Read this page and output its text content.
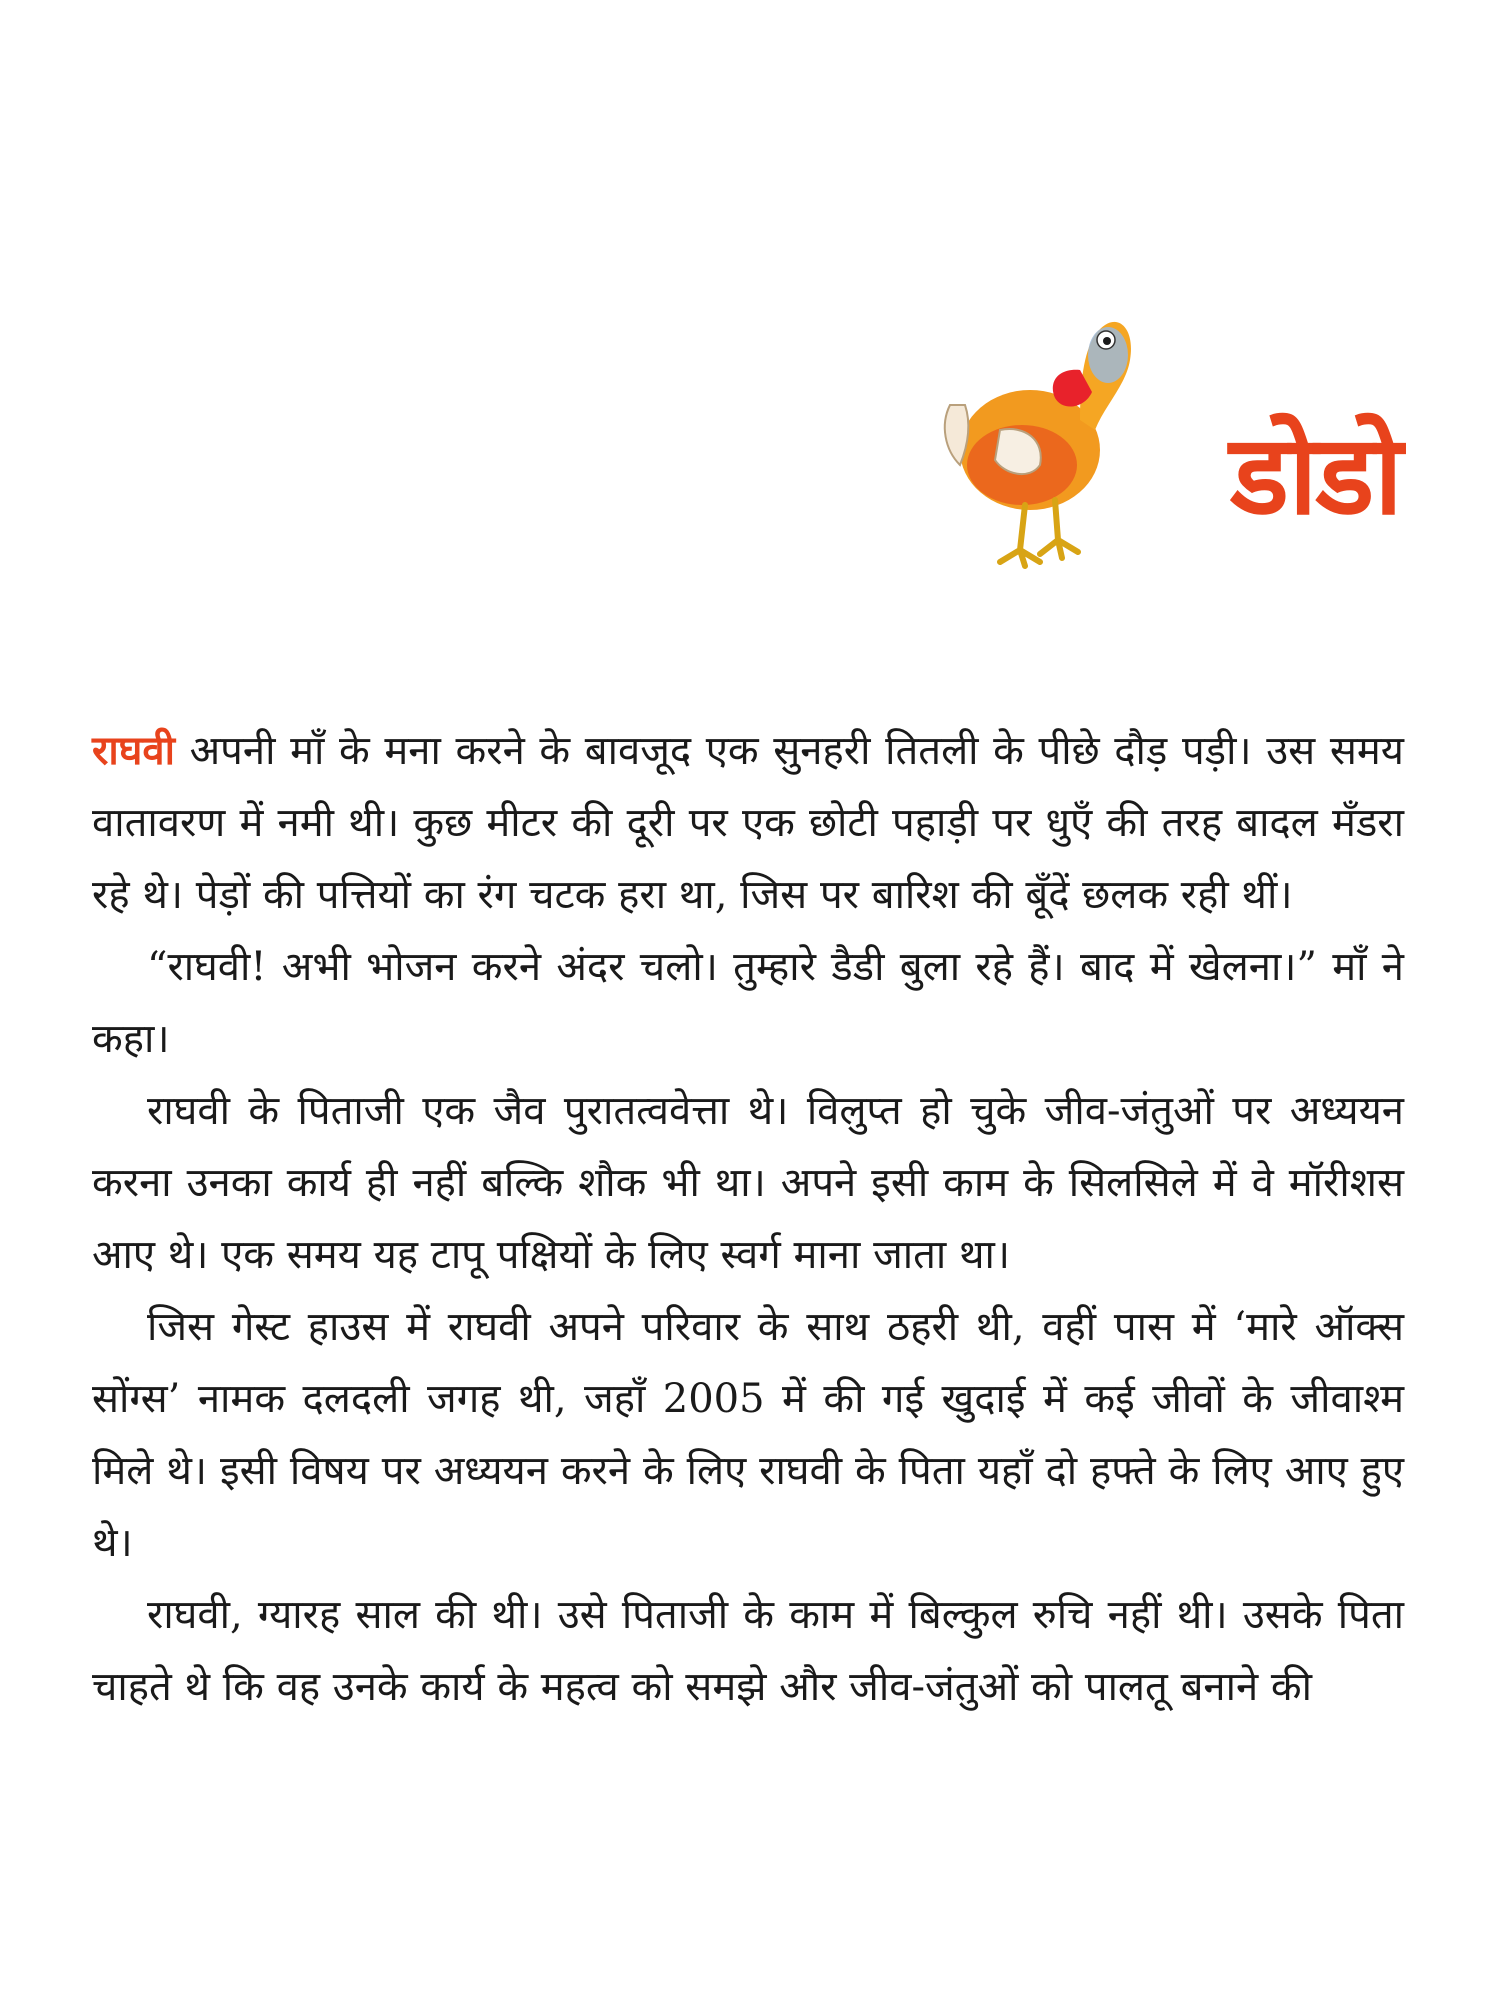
डोडो

राघवी अपनी माँ के मना करने के बावजूद एक सुनहरी तितली के पीछे दौड़ पड़ी। उस समय वातावरण में नमी थी। कुछ मीटर की दूरी पर एक छोटी पहाड़ी पर धुएँ की तरह बादल मँडरा रहे थे। पेड़ों की पत्तियों का रंग चटक हरा था, जिस पर बारिश की बूँदें छलक रही थीं।

“राघवी! अभी भोजन करने अंदर चलो। तुम्हारे डैडी बुला रहे हैं। बाद में खेलना।” माँ ने कहा।

राघवी के पिताजी एक जैव पुरातत्ववेत्ता थे। विलुप्त हो चुके जीव-जंतुओं पर अध्ययन करना उनका कार्य ही नहीं बल्कि शौक भी था। अपने इसी काम के सिलसिले में वे मॉरीशस आए थे। एक समय यह टापू पक्षियों के लिए स्वर्ग माना जाता था।

जिस गेस्ट हाउस में राघवी अपने परिवार के साथ ठहरी थी, वहीं पास में ‘मारे ऑक्स सोंग्स’ नामक दलदली जगह थी, जहाँ 2005 में की गई खुदाई में कई जीवों के जीवाश्म मिले थे। इसी विषय पर अध्ययन करने के लिए राघवी के पिता यहाँ दो हफ्ते के लिए आए हुए थे।

राघवी, ग्यारह साल की थी। उसे पिताजी के काम में बिल्कुल रुचि नहीं थी। उसके पिता चाहते थे कि वह उनके कार्य के महत्व को समझे और जीव-जंतुओं को पालतू बनाने की
